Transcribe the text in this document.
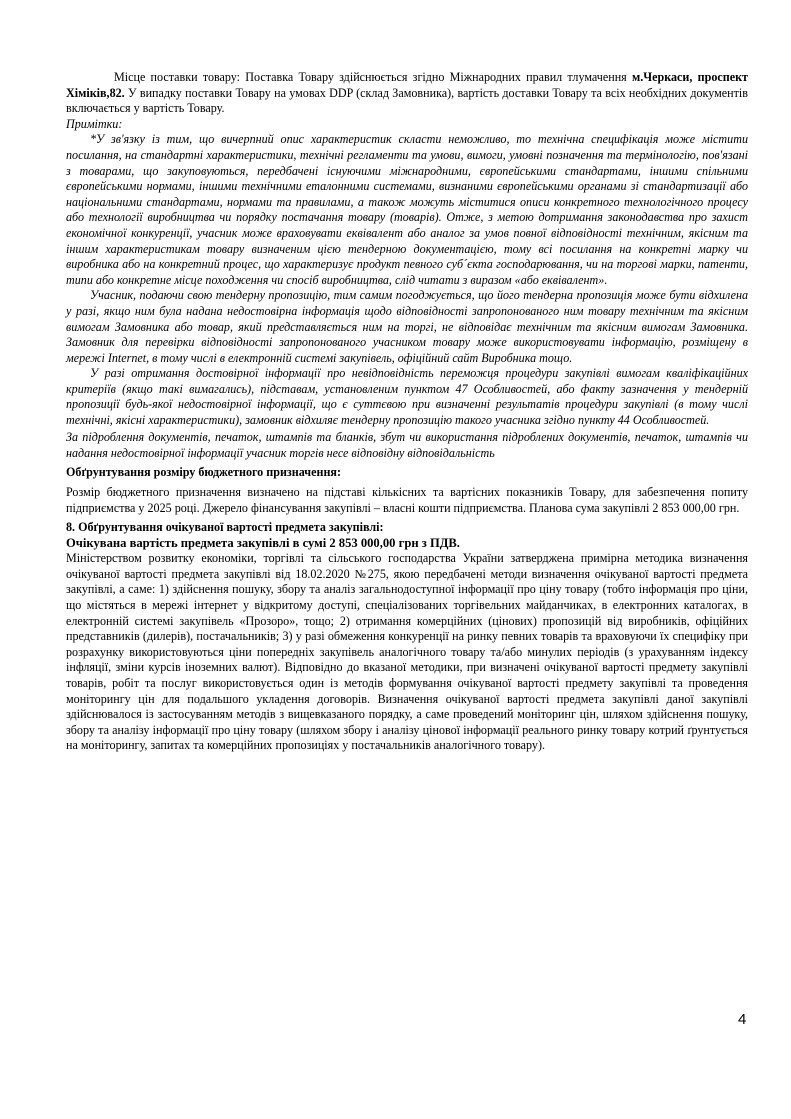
Місце поставки товару: Поставка Товару здійснюється згідно Міжнародних правил тлумачення м.Черкаси, проспект Хіміків,82. У випадку поставки Товару на умовах DDP (склад Замовника), вартість доставки Товару та всіх необхідних документів включається у вартість Товару.

Примітки:

*У зв'язку із тим, що вичерпний опис характеристик скласти неможливо, то технічна специфікація може містити посилання, на стандартні характеристики, технічні регламенти та умови, вимоги, умовні позначення та термінологію, пов'язані з товарами, що закуповуються, передбачені існуючими міжнародними, європейськими стандартами, іншими спільними європейськими нормами, іншими технічними еталонними системами, визнаними європейськими органами зі стандартизації або національними стандартами, нормами та правилами, а також можуть міститися описи конкретного технологічного процесу або технології виробництва чи порядку постачання товару (товарів). Отже, з метою дотримання законодавства про захист економічної конкуренції, учасник може враховувати еквівалент або аналог за умов повної відповідності технічним, якісним та іншим характеристикам товару визначеним цією тендерною документацією, тому всі посилання на конкретні марку чи виробника або на конкретний процес, що характеризує продукт певного суб´єкта господарювання, чи на торгові марки, патенти, типи або конкретне місце походження чи спосіб виробництва, слід читати з виразом «або еквівалент».

Учасник, подаючи свою тендерну пропозицію, тим самим погоджується, що його тендерна пропозиція може бути відхилена у разі, якщо ним була надана недостовірна інформація щодо відповідності запропонованого ним товару технічним та якісним вимогам Замовника або товар, який представляється ним на торгі, не відповідає технічним та якісним вимогам Замовника. Замовник для перевірки відповідності запропонованого учасником товару може використовувати інформацію, розміщену в мережі Internet, в тому числі в електронній системі закупівель, офіційний сайт Виробника тощо.

У разі отримання достовірної інформації про невідповідність переможця процедури закупівлі вимогам кваліфікаційних критеріїв (якщо такі вимагались), підставам, установленим пунктом 47 Особливостей, або факту зазначення у тендерній пропозиції будь-якої недостовірної інформації, що є суттєвою при визначенні результатів процедури закупівлі (в тому числі технічні, якісні характеристики), замовник відхиляє тендерну пропозицію такого учасника згідно пункту 44 Особливостей.

За підроблення документів, печаток, штампів та бланків, збут чи використання підроблених документів, печаток, штампів чи надання недостовірної інформації учасник торгів несе відповідну відповідальність

Обґрунтування розміру бюджетного призначення:

Розмір бюджетного призначення визначено на підставі кількісних та вартісних показників Товару, для забезпечення попиту підприємства у 2025 році. Джерело фінансування закупівлі – власні кошти підприємства. Планова сума закупівлі 2 853 000,00 грн.

8. Обґрунтування очікуваної вартості предмета закупівлі:

Очікувана вартість предмета закупівлі в сумі 2 853 000,00 грн з ПДВ.

Міністерством розвитку економіки, торгівлі та сільського господарства України затверджена примірна методика визначення очікуваної вартості предмета закупівлі від 18.02.2020 №275, якою передбачені методи визначення очікуваної вартості предмета закупівлі, а саме: 1) здійснення пошуку, збору та аналіз загальнодоступної інформації про ціну товару (тобто інформація про ціни, що містяться в мережі інтернет у відкритому доступі, спеціалізованих торгівельних майданчиках, в електронних каталогах, в електронній системі закупівель «Прозоро», тощо; 2) отримання комерційних (цінових) пропозицій від виробників, офіційних представників (дилерів), постачальників; 3) у разі обмеження конкуренції на ринку певних товарів та враховуючи їх специфіку при розрахунку використовуються ціни попередніх закупівель аналогічного товару та/або минулих періодів (з урахуванням індексу інфляції, зміни курсів іноземних валют). Відповідно до вказаної методики, при визначені очікуваної вартості предмету закупівлі товарів, робіт та послуг використовується один із методів формування очікуваної вартості предмету закупівлі та проведення моніторингу цін для подальшого укладення договорів. Визначення очікуваної вартості предмета закупівлі даної закупівлі здійснювалося із застосуванням методів з вищевказаного порядку, а саме проведений моніторинг цін, шляхом здійснення пошуку, збору та аналізу інформації про ціну товару (шляхом збору і аналізу цінової інформації реального ринку товару котрий ґрунтується на моніторингу, запитах та комерційних пропозиціях у постачальників аналогічного товару).

4
